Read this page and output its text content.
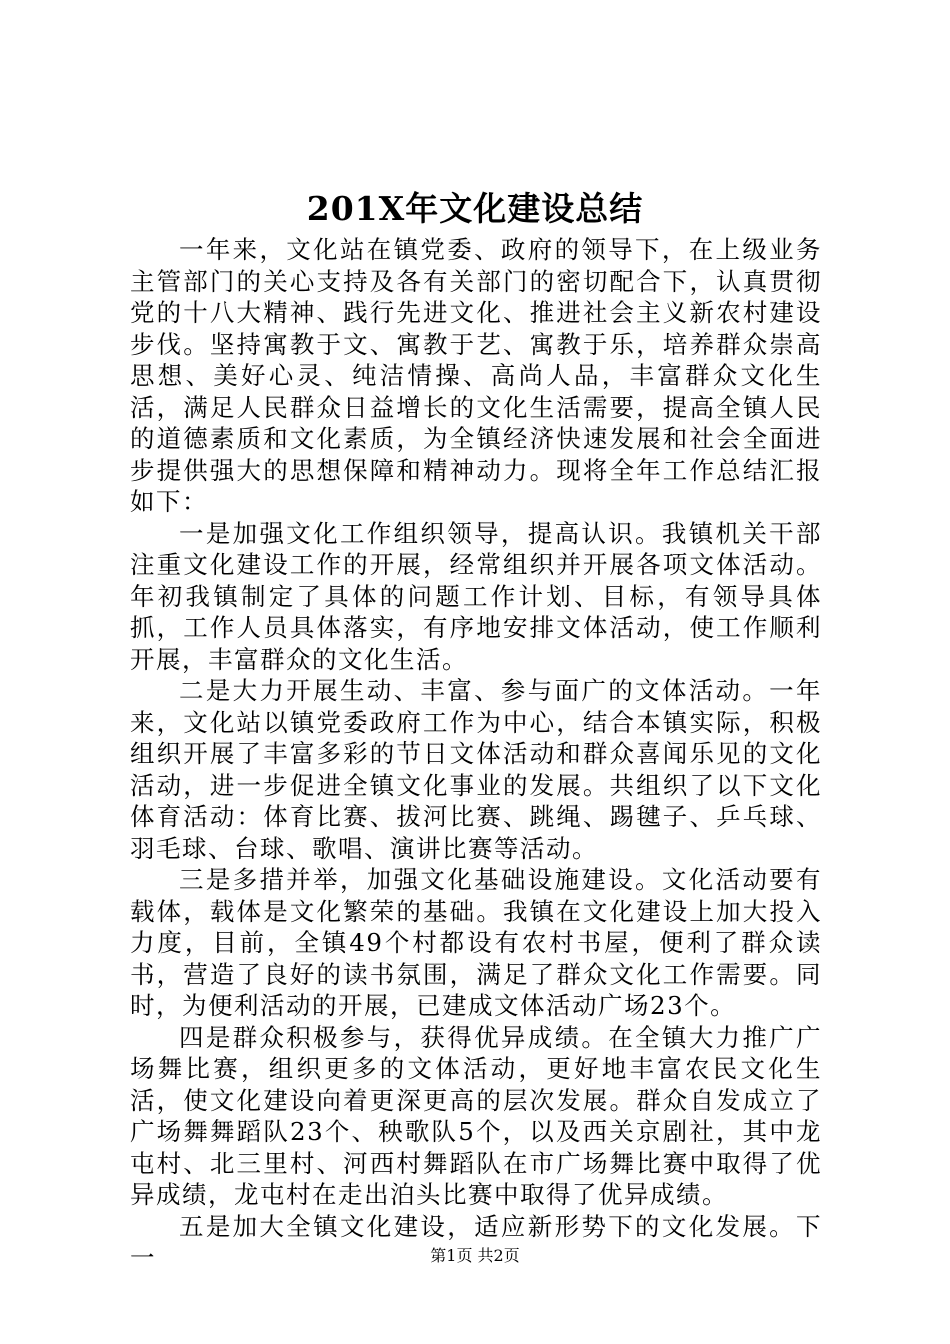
201X年文化建设总结

一年来，文化站在镇党委、政府的领导下，在上级业务主管部门的关心支持及各有关部门的密切配合下，认真贯彻党的十八大精神、践行先进文化、推进社会主义新农村建设步伐。坚持寓教于文、寓教于艺、寓教于乐，培养群众崇高思想、美好心灵、纯洁情操、高尚人品，丰富群众文化生活，满足人民群众日益增长的文化生活需要，提高全镇人民的道德素质和文化素质，为全镇经济快速发展和社会全面进步提供强大的思想保障和精神动力。现将全年工作总结汇报如下：

一是加强文化工作组织领导，提高认识。我镇机关干部注重文化建设工作的开展，经常组织并开展各项文体活动。年初我镇制定了具体的问题工作计划、目标，有领导具体抓，工作人员具体落实，有序地安排文体活动，使工作顺利开展，丰富群众的文化生活。

二是大力开展生动、丰富、参与面广的文体活动。一年来，文化站以镇党委政府工作为中心，结合本镇实际，积极组织开展了丰富多彩的节日文体活动和群众喜闻乐见的文化活动，进一步促进全镇文化事业的发展。共组织了以下文化体育活动：体育比赛、拔河比赛、跳绳、踢毽子、乒乓球、羽毛球、台球、歌唱、演讲比赛等活动。

三是多措并举，加强文化基础设施建设。文化活动要有载体，载体是文化繁荣的基础。我镇在文化建设上加大投入力度，目前，全镇49个村都设有农村书屋，便利了群众读书，营造了良好的读书氛围，满足了群众文化工作需要。同时，为便利活动的开展，已建成文体活动广场23个。

四是群众积极参与，获得优异成绩。在全镇大力推广广场舞比赛，组织更多的文体活动，更好地丰富农民文化生活，使文化建设向着更深更高的层次发展。群众自发成立了广场舞舞蹈队23个、秧歌队5个，以及西关京剧社，其中龙屯村、北三里村、河西村舞蹈队在市广场舞比赛中取得了优异成绩，龙屯村在走出泊头比赛中取得了优异成绩。

五是加大全镇文化建设，适应新形势下的文化发展。下一	第1页 共2页
